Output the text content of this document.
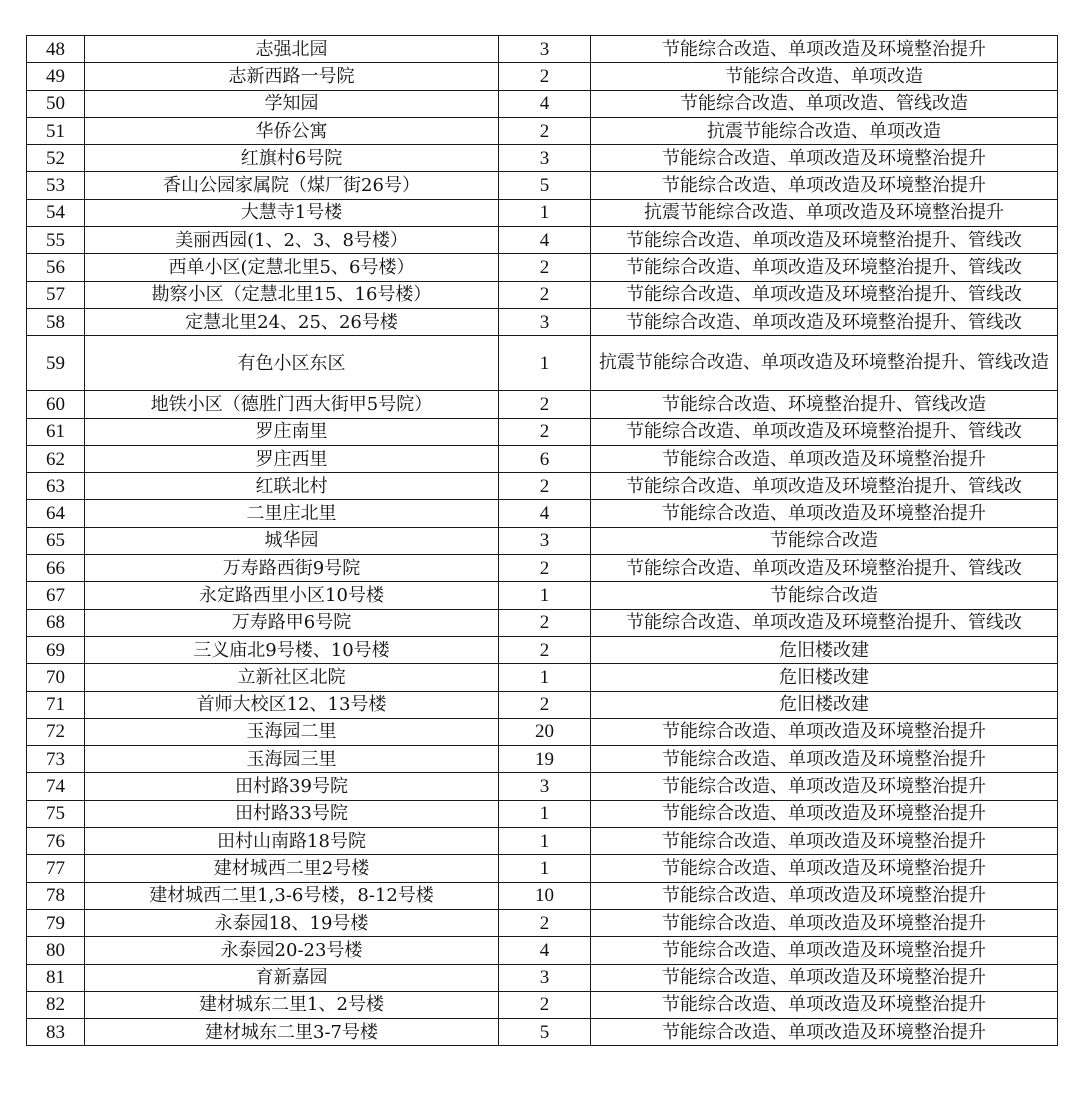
48	志强北园	3	节能综合改造、单项改造及环境整治提升
49	志新西路一号院	2	节能综合改造、单项改造
50	学知园	4	节能综合改造、单项改造、管线改造
51	华侨公寓	2	抗震节能综合改造、单项改造
52	红旗村6号院	3	节能综合改造、单项改造及环境整治提升
53	香山公园家属院（煤厂街26号）	5	节能综合改造、单项改造及环境整治提升
54	大慧寺1号楼	1	抗震节能综合改造、单项改造及环境整治提升
55	美丽西园(1、2、3、8号楼）	4	节能综合改造、单项改造及环境整治提升、管线改
56	西单小区(定慧北里5、6号楼）	2	节能综合改造、单项改造及环境整治提升、管线改
57	勘察小区（定慧北里15、16号楼）	2	节能综合改造、单项改造及环境整治提升、管线改
58	定慧北里24、25、26号楼	3	节能综合改造、单项改造及环境整治提升、管线改
59	有色小区东区	1	抗震节能综合改造、单项改造及环境整治提升、管线改造
60	地铁小区（德胜门西大街甲5号院）	2	节能综合改造、环境整治提升、管线改造
61	罗庄南里	2	节能综合改造、单项改造及环境整治提升、管线改
62	罗庄西里	6	节能综合改造、单项改造及环境整治提升
63	红联北村	2	节能综合改造、单项改造及环境整治提升、管线改
64	二里庄北里	4	节能综合改造、单项改造及环境整治提升
65	城华园	3	节能综合改造
66	万寿路西街9号院	2	节能综合改造、单项改造及环境整治提升、管线改
67	永定路西里小区10号楼	1	节能综合改造
68	万寿路甲6号院	2	节能综合改造、单项改造及环境整治提升、管线改
69	三义庙北9号楼、10号楼	2	危旧楼改建
70	立新社区北院	1	危旧楼改建
71	首师大校区12、13号楼	2	危旧楼改建
72	玉海园二里	20	节能综合改造、单项改造及环境整治提升
73	玉海园三里	19	节能综合改造、单项改造及环境整治提升
74	田村路39号院	3	节能综合改造、单项改造及环境整治提升
75	田村路33号院	1	节能综合改造、单项改造及环境整治提升
76	田村山南路18号院	1	节能综合改造、单项改造及环境整治提升
77	建材城西二里2号楼	1	节能综合改造、单项改造及环境整治提升
78	建材城西二里1,3-6号楼，8-12号楼	10	节能综合改造、单项改造及环境整治提升
79	永泰园18、19号楼	2	节能综合改造、单项改造及环境整治提升
80	永泰园20-23号楼	4	节能综合改造、单项改造及环境整治提升
81	育新嘉园	3	节能综合改造、单项改造及环境整治提升
82	建材城东二里1、2号楼	2	节能综合改造、单项改造及环境整治提升
83	建材城东二里3-7号楼	5	节能综合改造、单项改造及环境整治提升
